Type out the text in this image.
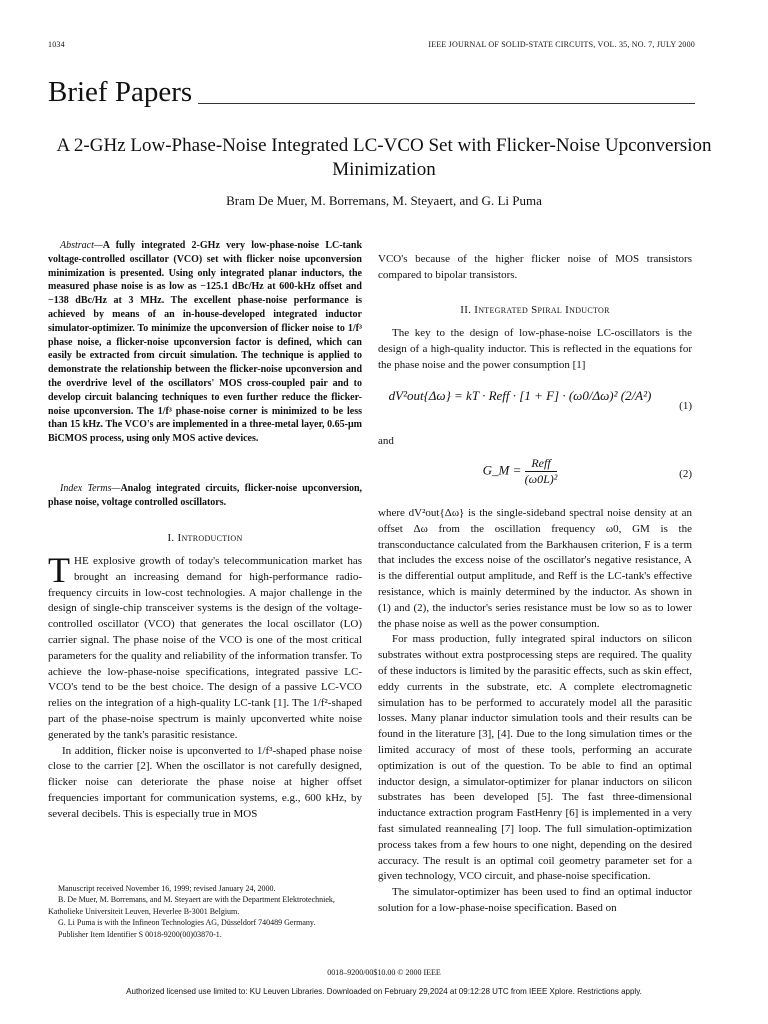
1034	IEEE JOURNAL OF SOLID-STATE CIRCUITS, VOL. 35, NO. 7, JULY 2000
Brief Papers
A 2-GHz Low-Phase-Noise Integrated LC-VCO Set with Flicker-Noise Upconversion Minimization
Bram De Muer, M. Borremans, M. Steyaert, and G. Li Puma
Abstract—A fully integrated 2-GHz very low-phase-noise LC-tank voltage-controlled oscillator (VCO) set with flicker noise upconversion minimization is presented. Using only integrated planar inductors, the measured phase noise is as low as −125.1 dBc/Hz at 600-kHz offset and −138 dBc/Hz at 3 MHz. The excellent phase-noise performance is achieved by means of an in-house-developed integrated inductor simulator-optimizer. To minimize the upconversion of flicker noise to 1/f³ phase noise, a flicker-noise upconversion factor is defined, which can easily be extracted from circuit simulation. The technique is applied to demonstrate the relationship between the flicker-noise upconversion and the overdrive level of the oscillators' MOS cross-coupled pair and to develop circuit balancing techniques to even further reduce the flicker-noise upconversion. The 1/f³ phase-noise corner is minimized to be less than 15 kHz. The VCO's are implemented in a three-metal layer, 0.65-μm BiCMOS process, using only MOS active devices.
Index Terms—Analog integrated circuits, flicker-noise upconversion, phase noise, voltage controlled oscillators.
I. Introduction

THE explosive growth of today's telecommunication market has brought an increasing demand for high-performance radio-frequency circuits in low-cost technologies. A major challenge in the design of single-chip transceiver systems is the design of the voltage-controlled oscillator (VCO) that generates the local oscillator (LO) carrier signal. The phase noise of the VCO is one of the most critical parameters for the quality and reliability of the information transfer. To achieve the low-phase-noise specifications, integrated passive LC-VCO's tend to be the best choice. The design of a passive LC-VCO relies on the integration of a high-quality LC-tank [1]. The 1/f²-shaped part of the phase-noise spectrum is mainly upconverted white noise generated by the tank's parasitic resistance.

In addition, flicker noise is upconverted to 1/f³-shaped phase noise close to the carrier [2]. When the oscillator is not carefully designed, flicker noise can deteriorate the phase noise at higher offset frequencies important for communication systems, e.g., 600 kHz, by several decibels. This is especially true in MOS

VCO's because of the higher flicker noise of MOS transistors compared to bipolar transistors.
II. Integrated Spiral Inductor
The key to the design of low-phase-noise LC-oscillators is the design of a high-quality inductor. This is reflected in the equations for the phase noise and the power consumption [1]
dV²out{Δω} = kT · Reff · [1 + F] · (ω0/Δω)² (2/A²)
(1)
and
G_M = $\frac{\text{Reff}}{\text{(ω0L)²}}$	(2)

where dV²out{Δω} is the single-sideband spectral noise density at an offset Δω from the oscillation frequency ω0, GM is the transconductance calculated from the Barkhausen criterion, F is a term that includes the excess noise of the oscillator's negative resistance, A is the differential output amplitude, and Reff is the LC-tank's effective resistance, which is mainly determined by the inductor. As shown in (1) and (2), the inductor's series resistance must be low so as to lower the phase noise as well as the power consumption.

For mass production, fully integrated spiral inductors on silicon substrates without extra postprocessing steps are required. The quality of these inductors is limited by the parasitic effects, such as skin effect, eddy currents in the substrate, etc. A complete electromagnetic simulation has to be performed to accurately model all the parasitic losses. Many planar inductor simulation tools and their results can be found in the literature [3], [4]. Due to the long simulation times or the limited accuracy of most of these tools, performing an accurate optimization is out of the question. To be able to find an optimal inductor design, a simulator-optimizer for planar inductors on silicon substrates has been developed [5]. The fast three-dimensional inductance extraction program FastHenry [6] is implemented in a very fast simulated reannealing [7] loop. The full simulation-optimization process takes from a few hours to one night, depending on the desired accuracy. The result is an optimal coil geometry parameter set for a given technology, VCO circuit, and phase-noise specification.

The simulator-optimizer has been used to find an optimal inductor solution for a low-phase-noise specification. Based on

Manuscript received November 16, 1999; revised January 24, 2000.

B. De Muer, M. Borremans, and M. Steyaert are with the Department Elektrotechniek, Katholieke Universiteit Leuven, Heverlee B-3001 Belgium.

G. Li Puma is with the Infineon Technologies AG, Düsseldorf 740489 Germany.

Publisher Item Identifier S 0018-9200(00)03870-1.

0018–9200/00$10.00 © 2000 IEEE
Authorized licensed use limited to: KU Leuven Libraries. Downloaded on February 29,2024 at 09:12:28 UTC from IEEE Xplore. Restrictions apply.
